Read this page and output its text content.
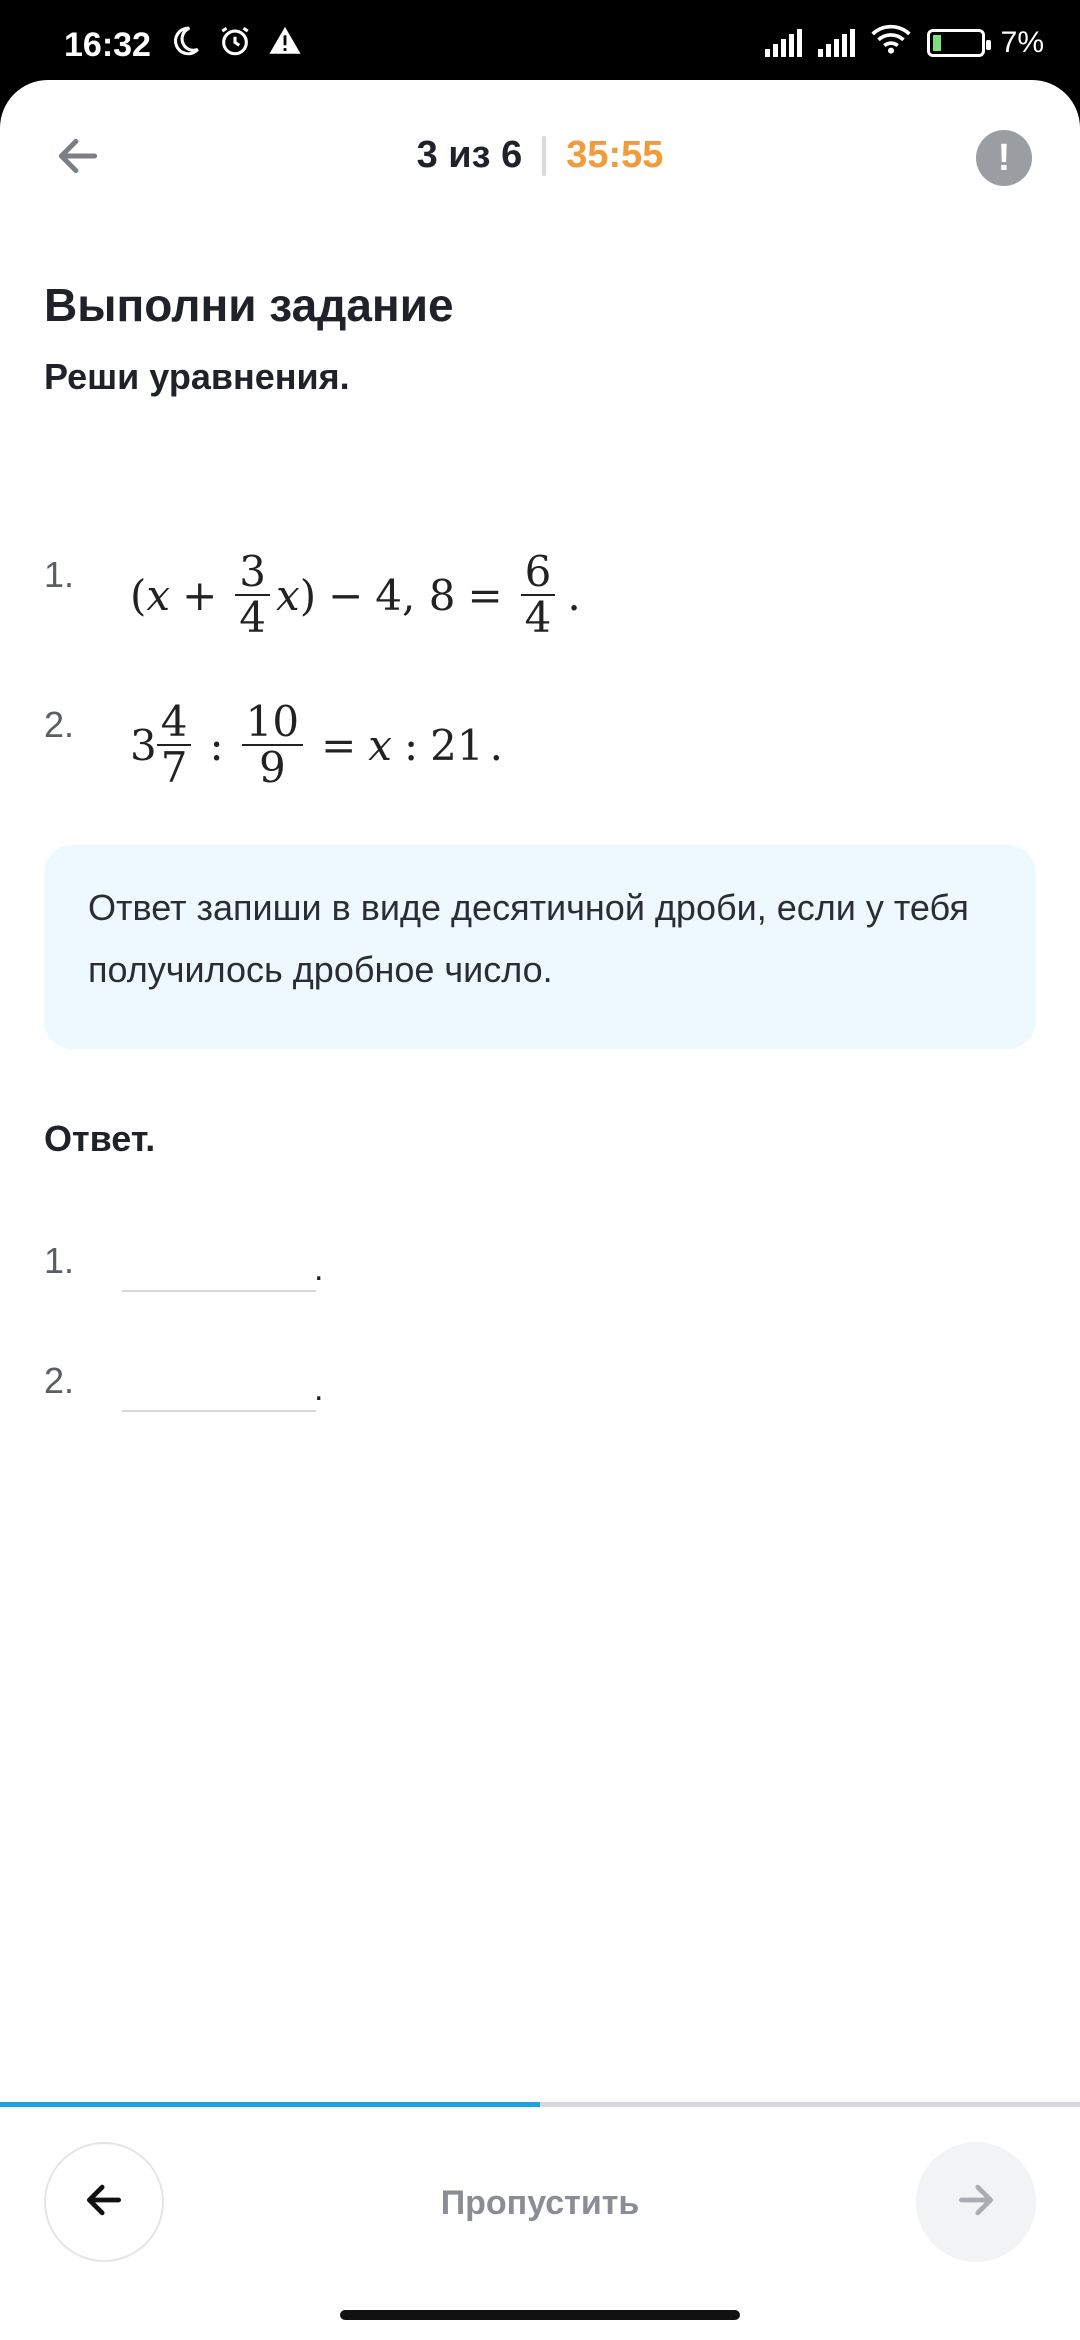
16:32	7%
3 из 6 35:55	!
Выполни задание
Реши уравнения.
1. ( $x + \frac{3}{4}$ x ) − 4, $8 = \frac{6}{4}$ .
2. $3 \frac{4}{7}$ : $\frac{10}{9} = x$ : 21 .
Ответ запиши в виде десятичной дроби, если у тебя получилось дробное число.
Ответ.
1.	.
2.	.
Пропустить
